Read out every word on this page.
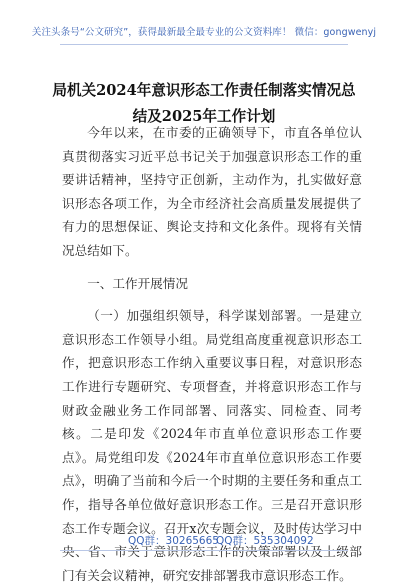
关注头条号“公文研究”，获得最新最全最专业的公文资料库！ 微信：gongwenyj
局机关2024年意识形态工作责任制落实情况总结及2025年工作计划

今年以来，在市委的正确领导下，市直各单位认真贯彻落实习近平总书记关于加强意识形态工作的重要讲话精神，坚持守正创新，主动作为，扎实做好意识形态各项工作，为全市经济社会高质量发展提供了有力的思想保证、舆论支持和文化条件。现将有关情况总结如下。

一、工作开展情况

（一）加强组织领导，科学谋划部署。一是建立意识形态工作领导小组。局党组高度重视意识形态工作，把意识形态工作纳入重要议事日程，对意识形态工作进行专题研究、专项督查，并将意识形态工作与财政金融业务工作同部署、同落实、同检查、同考核。二是印发《2024年市直单位意识形态工作要点》。局党组印发《2024年市直单位意识形态工作要点》，明确了当前和今后一个时期的主要任务和重点工作，指导各单位做好意识形态工作。三是召开意识形态工作专题会议。召开x次专题会议，及时传达学习中央、省、市关于意识形态工作的决策部署以及上级部门有关会议精神，研究安排部署我市意识形态工作。

QQ群：30265665
QQ群：535304092
